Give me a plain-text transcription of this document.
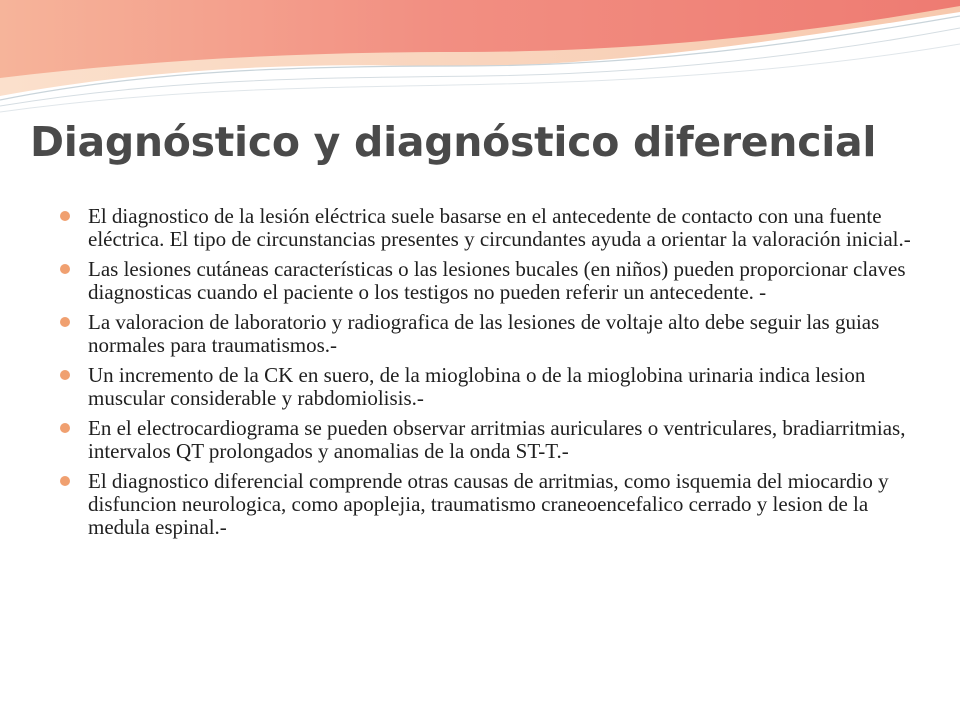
Diagnóstico y diagnóstico diferencial
El diagnostico de la lesión eléctrica suele basarse en el antecedente de contacto con una fuente eléctrica. El tipo de circunstancias presentes y circundantes ayuda a orientar la valoración inicial.-
Las lesiones cutáneas características o las lesiones bucales (en niños) pueden proporcionar claves diagnosticas cuando el paciente o los testigos no pueden referir un antecedente. -
La valoracion de laboratorio y radiografica de las lesiones de voltaje alto debe seguir las guias normales para traumatismos.-
Un incremento de la CK en suero, de la mioglobina o de la mioglobina urinaria indica lesion muscular considerable y rabdomiolisis.-
En el electrocardiograma se pueden observar arritmias auriculares o ventriculares, bradiarritmias, intervalos QT prolongados y anomalias de la onda ST-T.-
El diagnostico diferencial comprende otras causas de arritmias, como isquemia del miocardio y disfuncion neurologica, como apoplejia, traumatismo craneoencefalico cerrado y lesion de la medula espinal.-
